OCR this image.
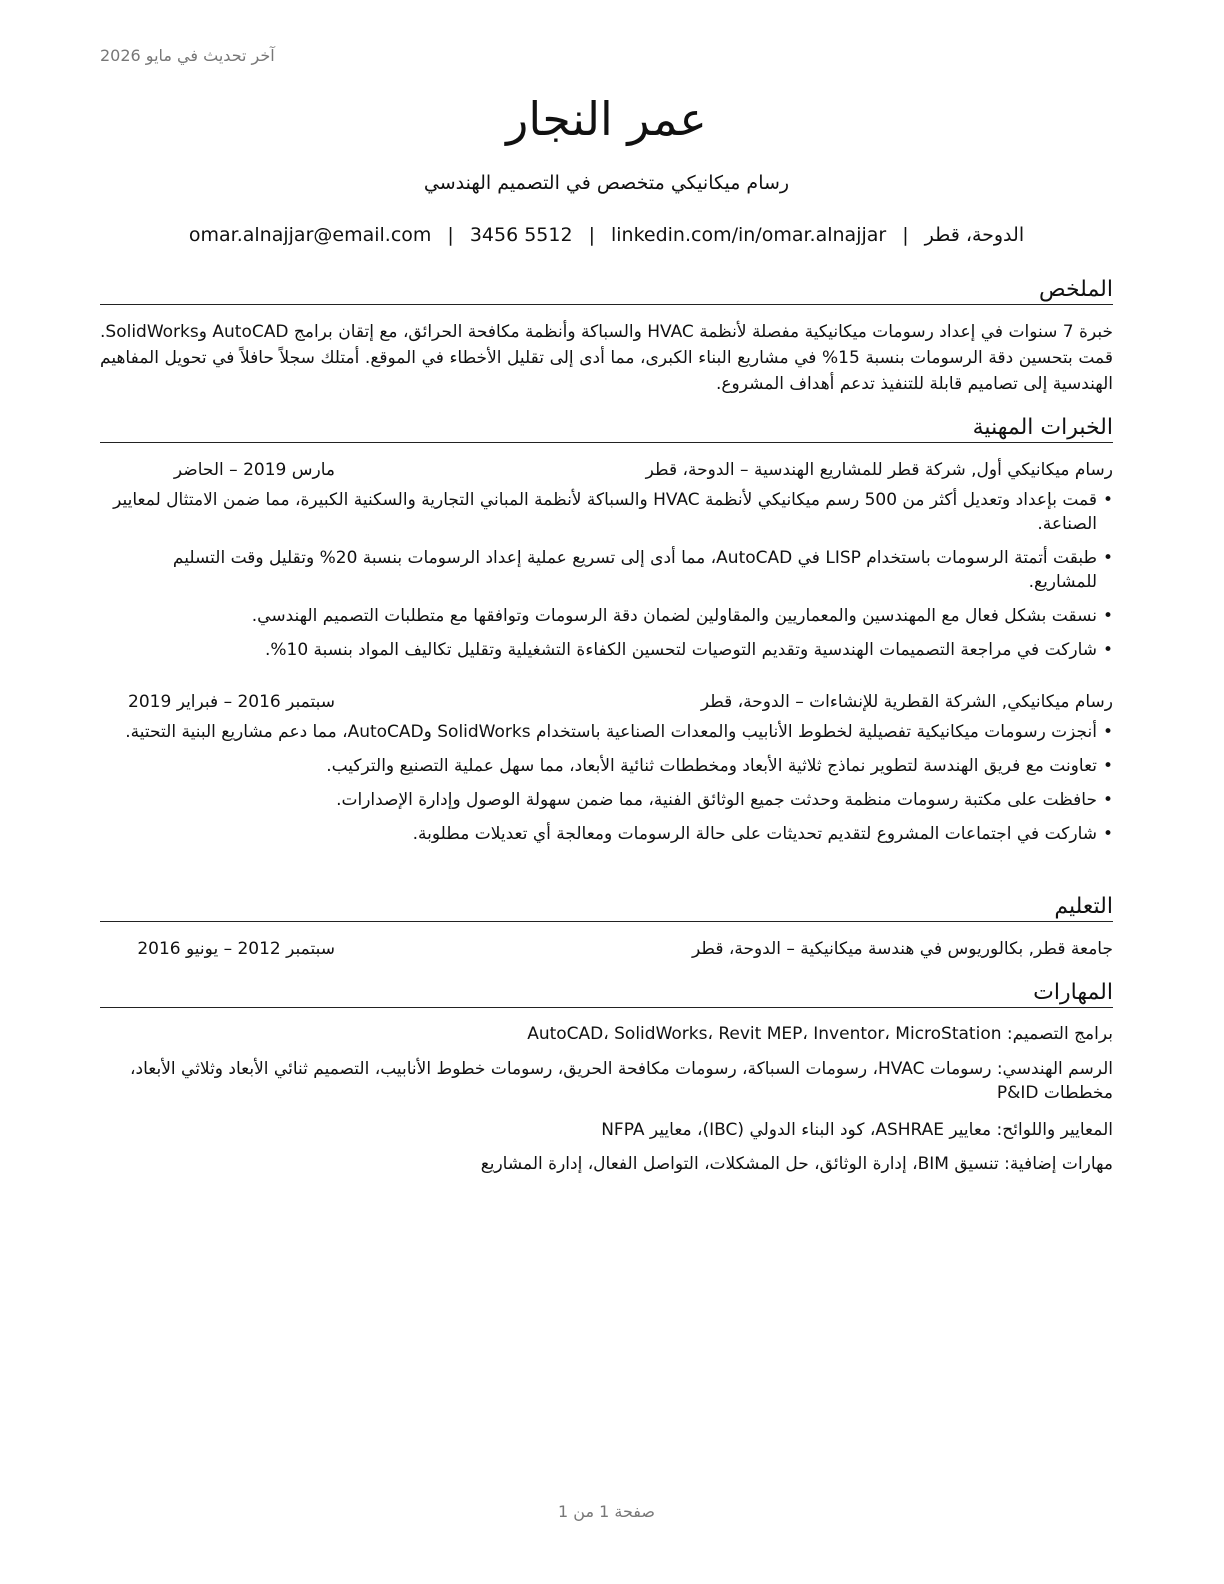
آخر تحديث في مايو 2026
عمر النجار
رسام ميكانيكي متخصص في التصميم الهندسي
الدوحة، قطر|omar.alnajjar@email.com | 3456 5512 | linkedin.com/in/omar.alnajjar
الملخص
خبرة 7 سنوات في إعداد رسومات ميكانيكية مفصلة لأنظمة HVAC والسباكة وأنظمة مكافحة الحرائق، مع إتقان برامج AutoCAD وSolidWorks. قمت بتحسين دقة الرسومات بنسبة 15% في مشاريع البناء الكبرى، مما أدى إلى تقليل الأخطاء في الموقع. أمتلك سجلاً حافلاً في تحويل المفاهيم الهندسية إلى تصاميم قابلة للتنفيذ تدعم أهداف المشروع.
الخبرات المهنية
رسام ميكانيكي أول, شركة قطر للمشاريع الهندسية – الدوحة، قطر
مارس 2019 – الحاضر
• قمت بإعداد وتعديل أكثر من 500 رسم ميكانيكي لأنظمة HVAC والسباكة لأنظمة المباني التجارية والسكنية الكبيرة، مما ضمن الامتثال لمعايير الصناعة.
• طبقت أتمتة الرسومات باستخدام LISP في AutoCAD، مما أدى إلى تسريع عملية إعداد الرسومات بنسبة 20% وتقليل وقت التسليم للمشاريع.
• نسقت بشكل فعال مع المهندسين والمعماريين والمقاولين لضمان دقة الرسومات وتوافقها مع متطلبات التصميم الهندسي.
• شاركت في مراجعة التصميمات الهندسية وتقديم التوصيات لتحسين الكفاءة التشغيلية وتقليل تكاليف المواد بنسبة 10%.
رسام ميكانيكي, الشركة القطرية للإنشاءات – الدوحة، قطر
سبتمبر 2016 – فبراير 2019
• أنجزت رسومات ميكانيكية تفصيلية لخطوط الأنابيب والمعدات الصناعية باستخدام SolidWorks وAutoCAD، مما دعم مشاريع البنية التحتية.
• تعاونت مع فريق الهندسة لتطوير نماذج ثلاثية الأبعاد ومخططات ثنائية الأبعاد، مما سهل عملية التصنيع والتركيب.
• حافظت على مكتبة رسومات منظمة وحدثت جميع الوثائق الفنية، مما ضمن سهولة الوصول وإدارة الإصدارات.
• شاركت في اجتماعات المشروع لتقديم تحديثات على حالة الرسومات ومعالجة أي تعديلات مطلوبة.
التعليم
جامعة قطر, بكالوريوس في هندسة ميكانيكية – الدوحة، قطر
سبتمبر 2012 – يونيو 2016
المهارات
برامج التصميم: AutoCAD، SolidWorks، Revit MEP، Inventor، MicroStation
الرسم الهندسي: رسومات HVAC، رسومات السباكة، رسومات مكافحة الحريق، رسومات خطوط الأنابيب، التصميم ثنائي الأبعاد وثلاثي الأبعاد، مخططات P&ID
المعايير واللوائح: معايير ASHRAE، كود البناء الدولي (IBC)، معايير NFPA
مهارات إضافية: تنسيق BIM، إدارة الوثائق، حل المشكلات، التواصل الفعال، إدارة المشاريع
صفحة 1 من 1
